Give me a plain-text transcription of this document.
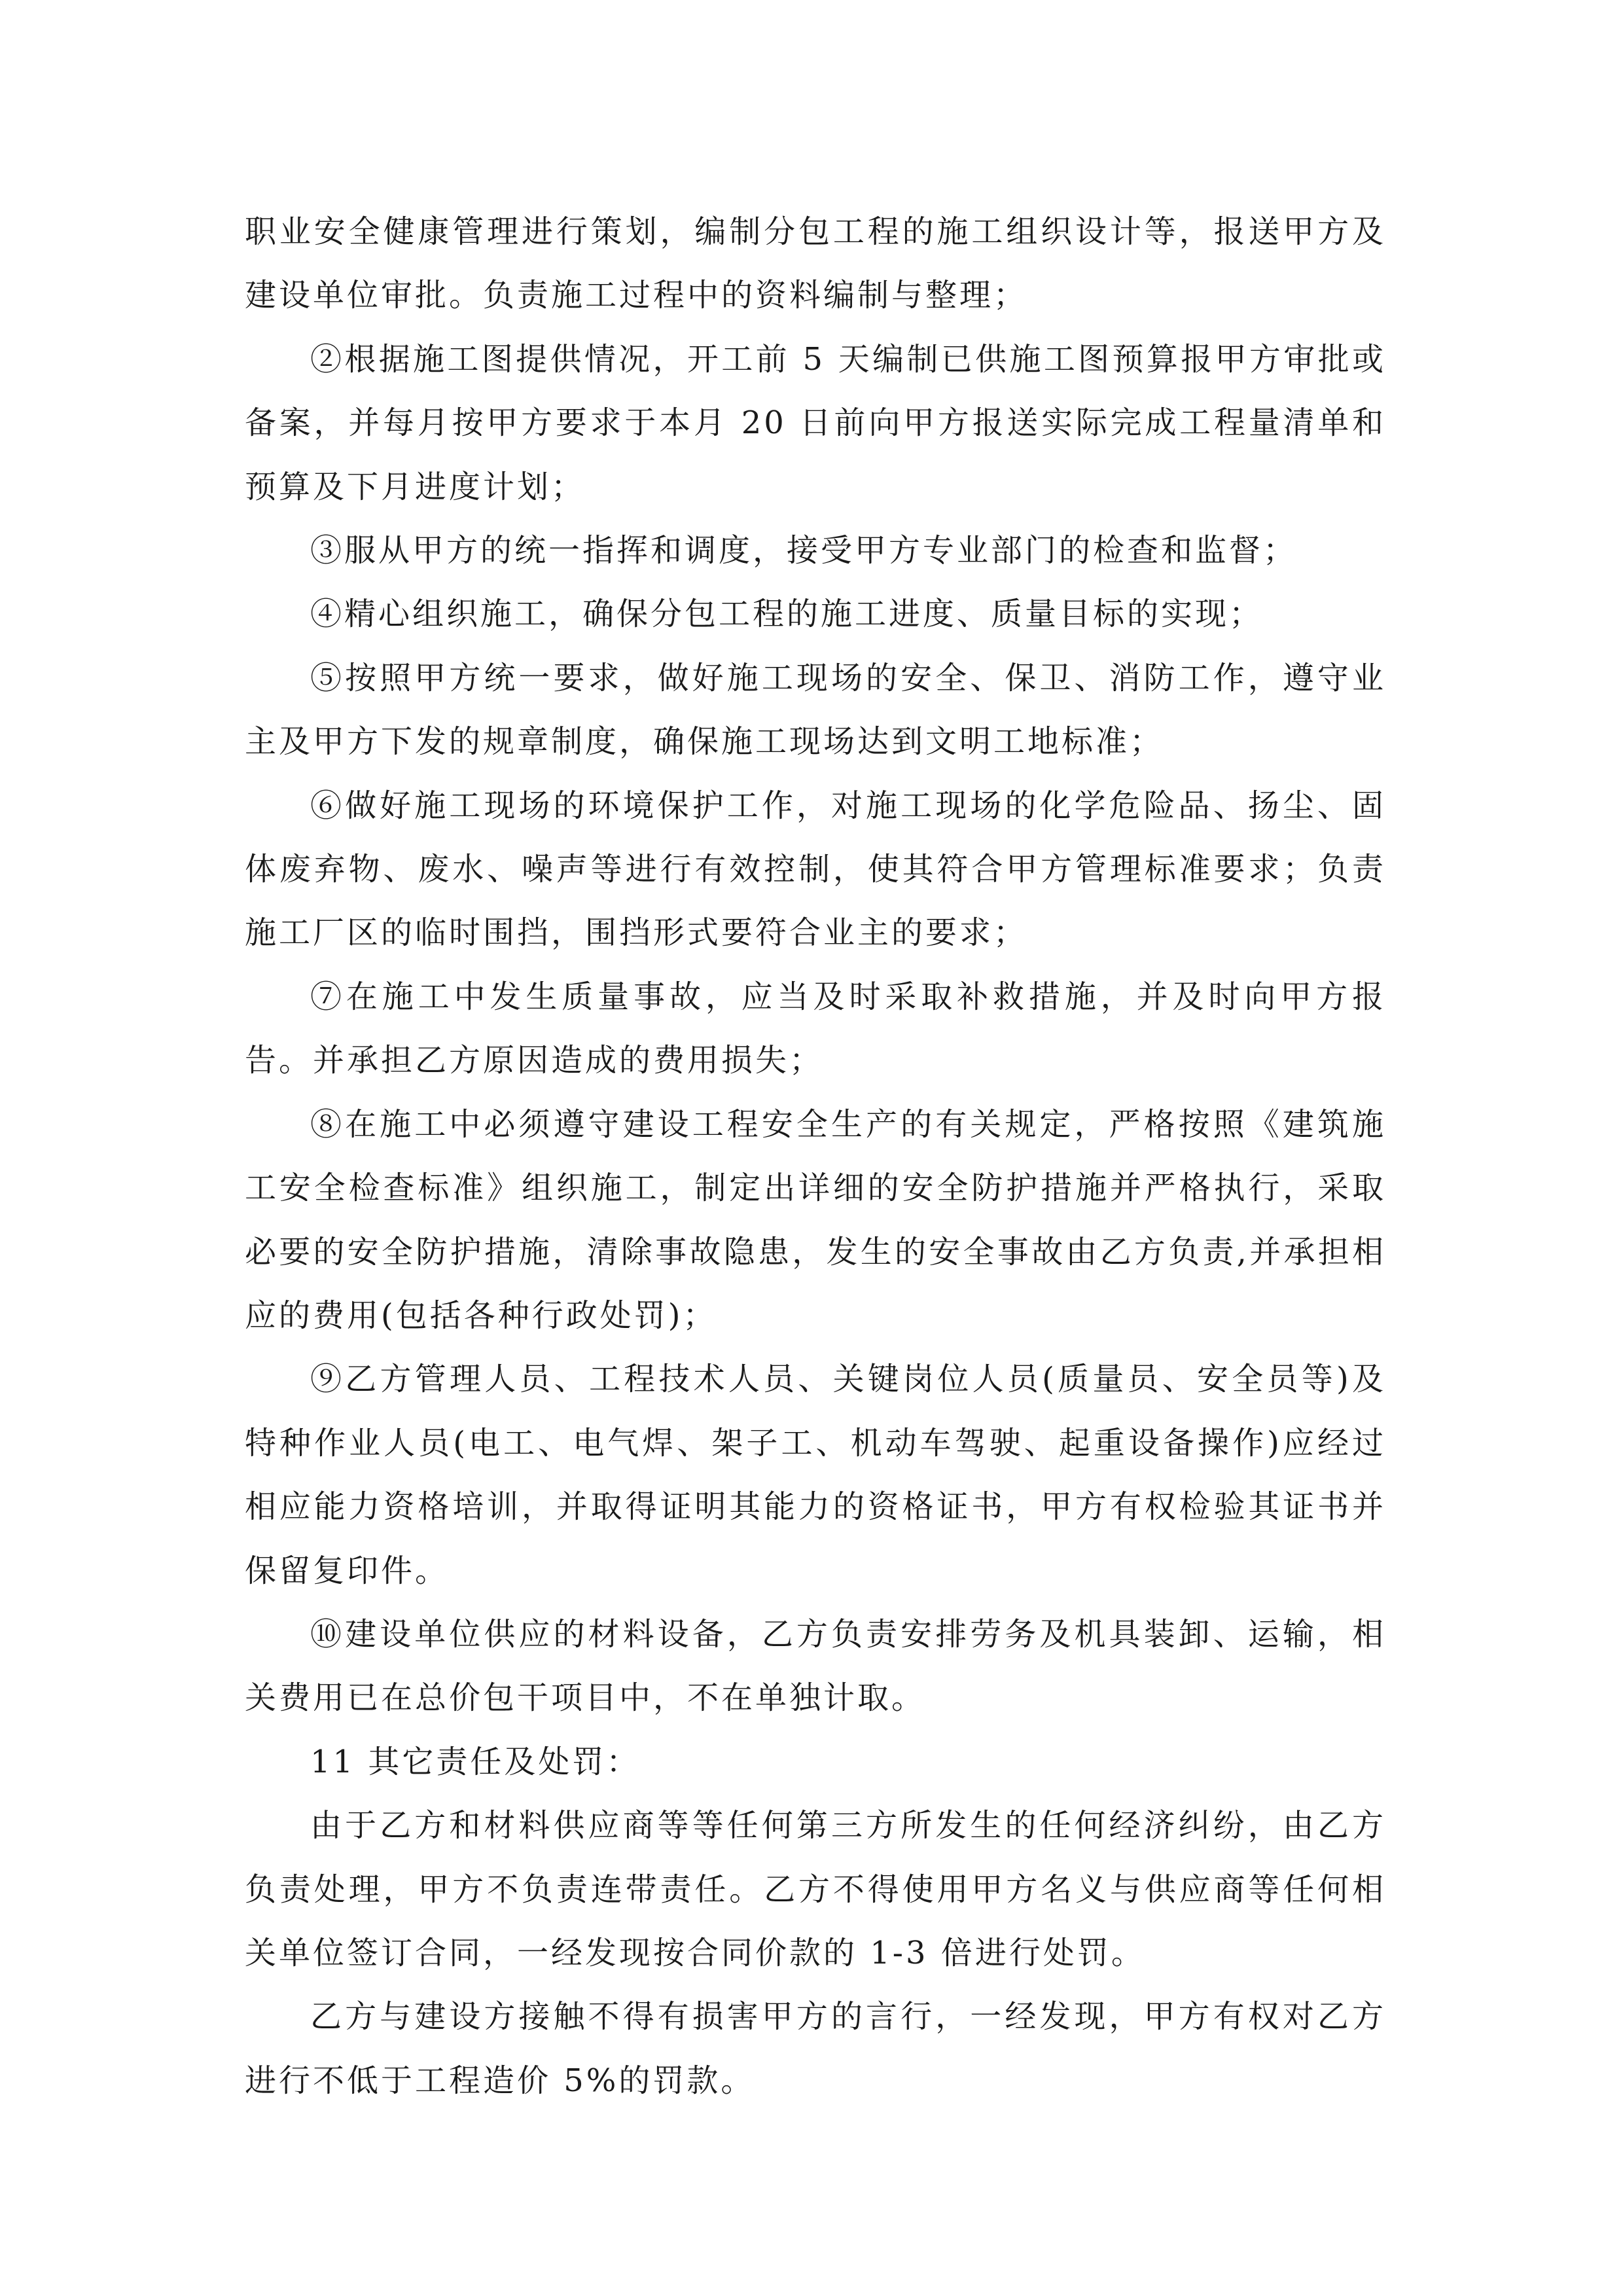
职业安全健康管理进行策划，编制分包工程的施工组织设计等，报送甲方及建设单位审批。负责施工过程中的资料编制与整理；

②根据施工图提供情况，开工前 5 天编制已供施工图预算报甲方审批或备案，并每月按甲方要求于本月 20 日前向甲方报送实际完成工程量清单和预算及下月进度计划；

③服从甲方的统一指挥和调度，接受甲方专业部门的检查和监督；

④精心组织施工，确保分包工程的施工进度、质量目标的实现；

⑤按照甲方统一要求，做好施工现场的安全、保卫、消防工作，遵守业主及甲方下发的规章制度，确保施工现场达到文明工地标准；

⑥做好施工现场的环境保护工作，对施工现场的化学危险品、扬尘、固体废弃物、废水、噪声等进行有效控制，使其符合甲方管理标准要求；负责施工厂区的临时围挡，围挡形式要符合业主的要求；

⑦在施工中发生质量事故，应当及时采取补救措施，并及时向甲方报告。并承担乙方原因造成的费用损失；

⑧在施工中必须遵守建设工程安全生产的有关规定，严格按照《建筑施工安全检查标准》组织施工，制定出详细的安全防护措施并严格执行，采取必要的安全防护措施，清除事故隐患，发生的安全事故由乙方负责,并承担相应的费用(包括各种行政处罚)；

⑨乙方管理人员、工程技术人员、关键岗位人员(质量员、安全员等)及特种作业人员(电工、电气焊、架子工、机动车驾驶、起重设备操作)应经过相应能力资格培训，并取得证明其能力的资格证书，甲方有权检验其证书并保留复印件。

⑩建设单位供应的材料设备，乙方负责安排劳务及机具装卸、运输，相关费用已在总价包干项目中，不在单独计取。

11 其它责任及处罚：

由于乙方和材料供应商等等任何第三方所发生的任何经济纠纷，由乙方负责处理，甲方不负责连带责任。乙方不得使用甲方名义与供应商等任何相关单位签订合同，一经发现按合同价款的 1-3 倍进行处罚。

乙方与建设方接触不得有损害甲方的言行，一经发现，甲方有权对乙方进行不低于工程造价 5%的罚款。
